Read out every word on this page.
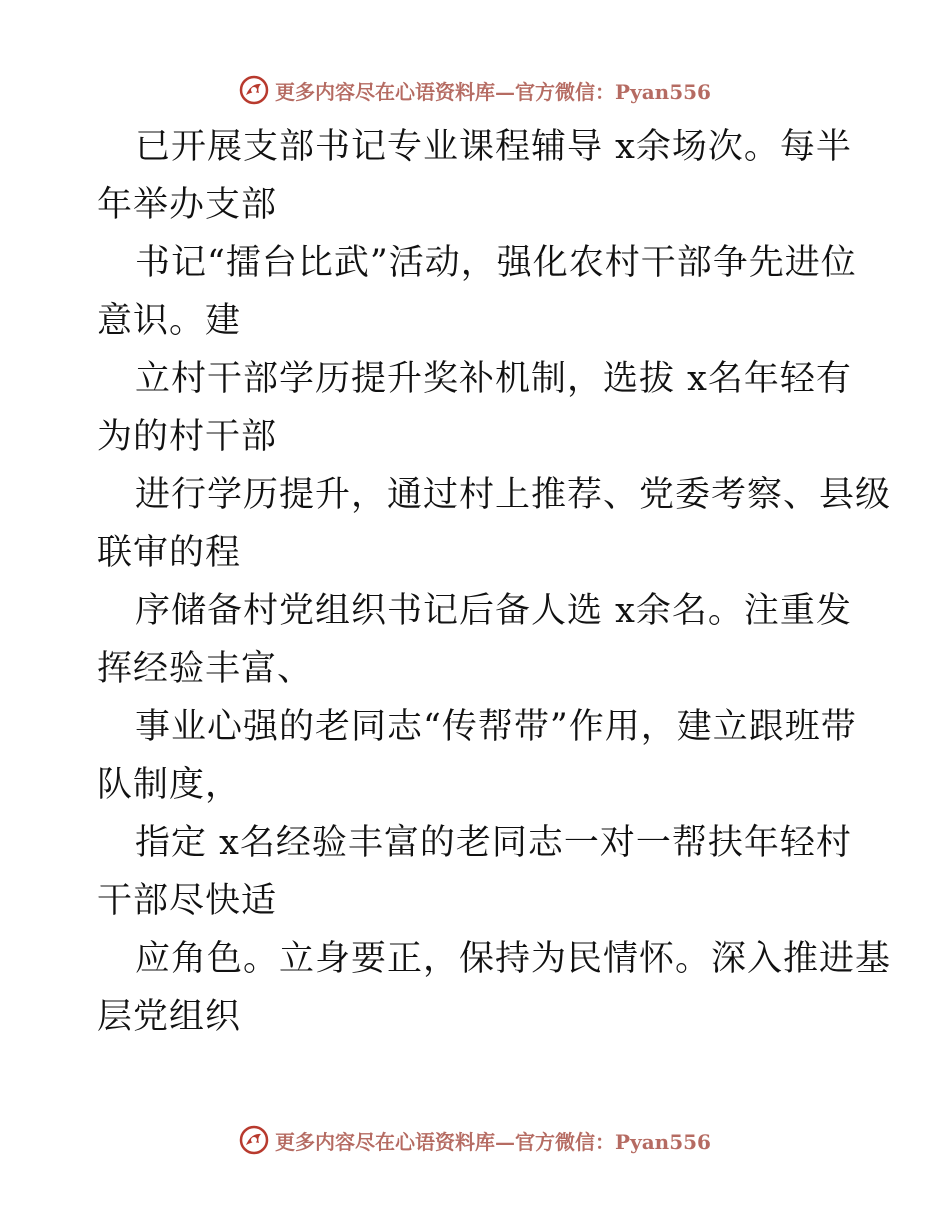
更多内容尽在心语资料库—官方微信：Pyan556
已开展支部书记专业课程辅导 x余场次。每半
年举办支部
书记“擂台比武”活动，强化农村干部争先进位
意识。建
立村干部学历提升奖补机制，选拔 x名年轻有
为的村干部
进行学历提升，通过村上推荐、党委考察、县级
联审的程
序储备村党组织书记后备人选 x余名。注重发
挥经验丰富、
事业心强的老同志“传帮带”作用，建立跟班带
队制度，
指定 x名经验丰富的老同志一对一帮扶年轻村
干部尽快适
应角色。立身要正，保持为民情怀。深入推进基
层党组织
更多内容尽在心语资料库—官方微信：Pyan556
